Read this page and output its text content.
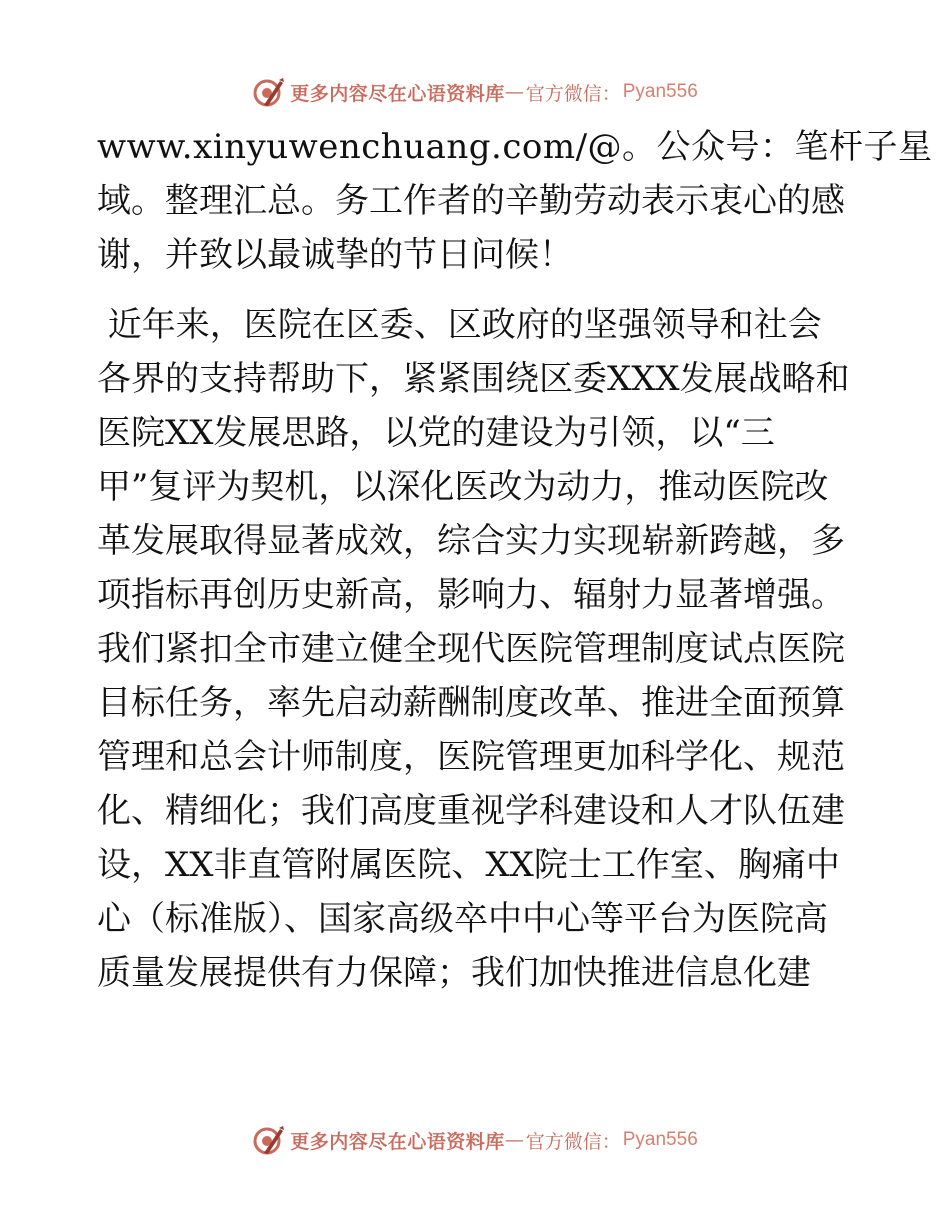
更多内容尽在心语资料库 — 官方微信： Pyan556
www.xinyuwenchuang.com/@。公众号：笔杆子星
域。整理汇总。务工作者的辛勤劳动表示衷心的感
谢，并致以最诚挚的节日问候！
近年来，医院在区委、区政府的坚强领导和社会
各界的支持帮助下，紧紧围绕区委XXX发展战略和
医院XX发展思路，以党的建设为引领，以“三
甲”复评为契机，以深化医改为动力，推动医院改
革发展取得显著成效，综合实力实现崭新跨越，多
项指标再创历史新高，影响力、辐射力显著增强。
我们紧扣全市建立健全现代医院管理制度试点医院
目标任务，率先启动薪酬制度改革、推进全面预算
管理和总会计师制度，医院管理更加科学化、规范
化、精细化；我们高度重视学科建设和人才队伍建
设，XX非直管附属医院、XX院士工作室、胸痛中
心（标准版）、国家高级卒中中心等平台为医院高
质量发展提供有力保障；我们加快推进信息化建
更多内容尽在心语资料库 — 官方微信： Pyan556
